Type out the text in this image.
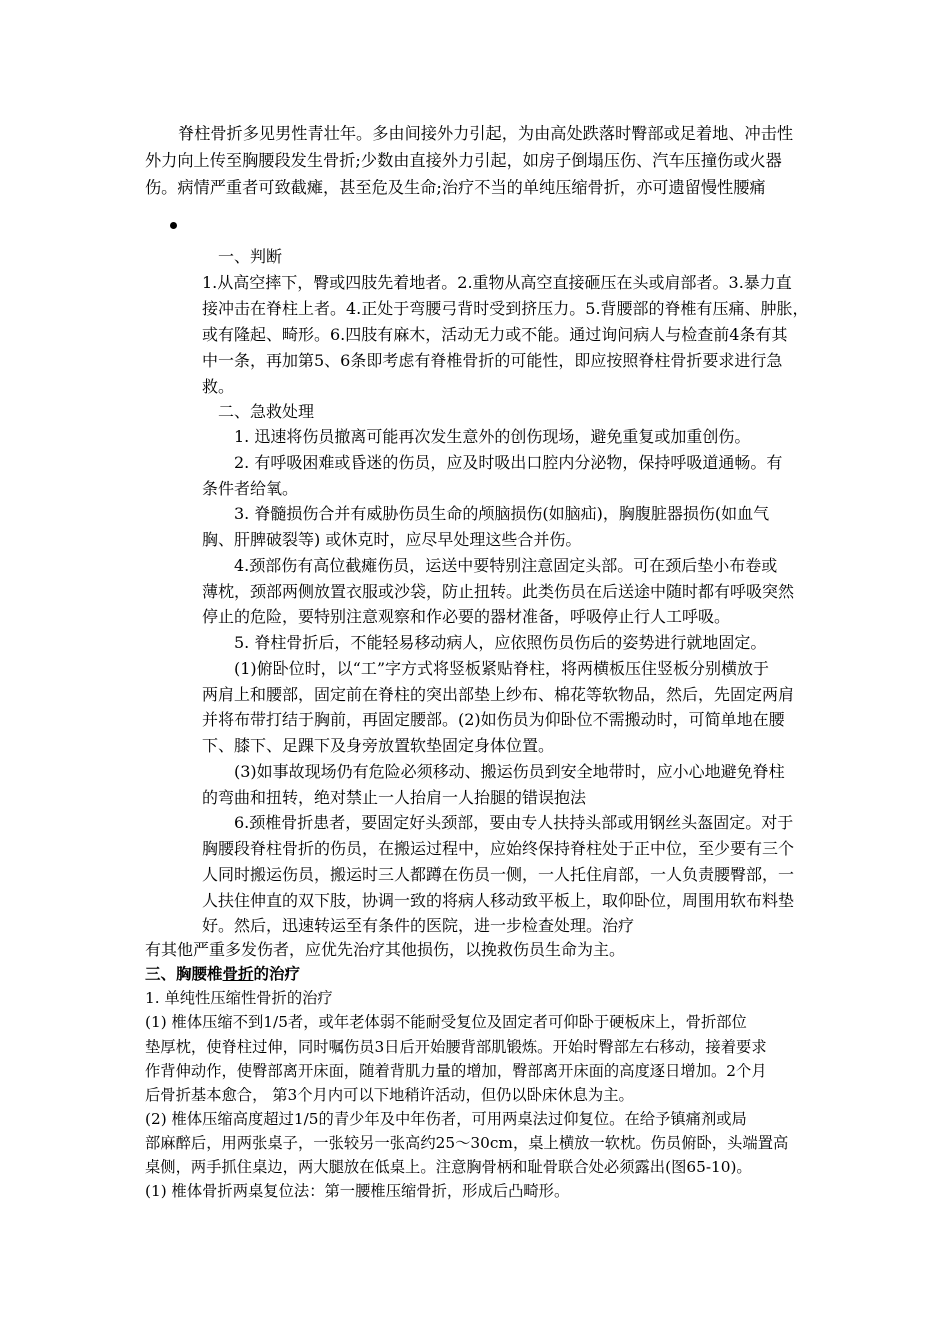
脊柱骨折多见男性青壮年。多由间接外力引起，为由高处跌落时臀部或足着地、冲击性
外力向上传至胸腰段发生骨折;少数由直接外力引起，如房子倒塌压伤、汽车压撞伤或火器
伤。病情严重者可致截瘫，甚至危及生命;治疗不当的单纯压缩骨折，亦可遗留慢性腰痛
一、判断
1.从高空摔下，臀或四肢先着地者。2.重物从高空直接砸压在头或肩部者。3.暴力直
接冲击在脊柱上者。4.正处于弯腰弓背时受到挤压力。5.背腰部的脊椎有压痛、肿胀，
或有隆起、畸形。6.四肢有麻木，活动无力或不能。通过询问病人与检查前4条有其
中一条，再加第5、6条即考虑有脊椎骨折的可能性，即应按照脊柱骨折要求进行急
救。
二、急救处理
1. 迅速将伤员撤离可能再次发生意外的创伤现场，避免重复或加重创伤。
2. 有呼吸困难或昏迷的伤员，应及时吸出口腔内分泌物，保持呼吸道通畅。有
条件者给氧。
3. 脊髓损伤合并有威胁伤员生命的颅脑损伤(如脑疝)，胸腹脏器损伤(如血气
胸、肝脾破裂等) 或休克时，应尽早处理这些合并伤。
4.颈部伤有高位截瘫伤员，运送中要特别注意固定头部。可在颈后垫小布卷或
薄枕，颈部两侧放置衣服或沙袋，防止扭转。此类伤员在后送途中随时都有呼吸突然
停止的危险，要特别注意观察和作必要的器材准备，呼吸停止行人工呼吸。
5. 脊柱骨折后，不能轻易移动病人，应依照伤员伤后的姿势进行就地固定。
(1)俯卧位时，以“工”字方式将竖板紧贴脊柱，将两横板压住竖板分别横放于
两肩上和腰部，固定前在脊柱的突出部垫上纱布、棉花等软物品，然后，先固定两肩
并将布带打结于胸前，再固定腰部。(2)如伤员为仰卧位不需搬动时，可简单地在腰
下、膝下、足踝下及身旁放置软垫固定身体位置。
(3)如事故现场仍有危险必须移动、搬运伤员到安全地带时，应小心地避免脊柱
的弯曲和扭转，绝对禁止一人抬肩一人抬腿的错误抱法
6.颈椎骨折患者，要固定好头颈部，要由专人扶持头部或用钢丝头盔固定。对于
胸腰段脊柱骨折的伤员，在搬运过程中，应始终保持脊柱处于正中位，至少要有三个
人同时搬运伤员，搬运时三人都蹲在伤员一侧，一人托住肩部，一人负责腰臀部，一
人扶住伸直的双下肢，协调一致的将病人移动致平板上，取仰卧位，周围用软布料垫
好。然后，迅速转运至有条件的医院，进一步检查处理。治疗
有其他严重多发伤者，应优先治疗其他损伤，以挽救伤员生命为主。
三、胸腰椎骨折的治疗
1. 单纯性压缩性骨折的治疗
(1) 椎体压缩不到1/5者，或年老体弱不能耐受复位及固定者可仰卧于硬板床上，骨折部位
垫厚枕，使脊柱过伸，同时嘱伤员3日后开始腰背部肌锻炼。开始时臀部左右移动，接着要求
作背伸动作，使臀部离开床面，随着背肌力量的增加，臀部离开床面的高度逐日增加。2个月
后骨折基本愈合， 第3个月内可以下地稍许活动，但仍以卧床休息为主。
(2) 椎体压缩高度超过1/5的青少年及中年伤者，可用两桌法过仰复位。在给予镇痛剂或局
部麻醉后，用两张桌子，一张较另一张高约25～30cm，桌上横放一软枕。伤员俯卧，头端置高
桌侧，两手抓住桌边，两大腿放在低桌上。注意胸骨柄和耻骨联合处必须露出(图65-10)。
(1) 椎体骨折两桌复位法：第一腰椎压缩骨折，形成后凸畸形。
